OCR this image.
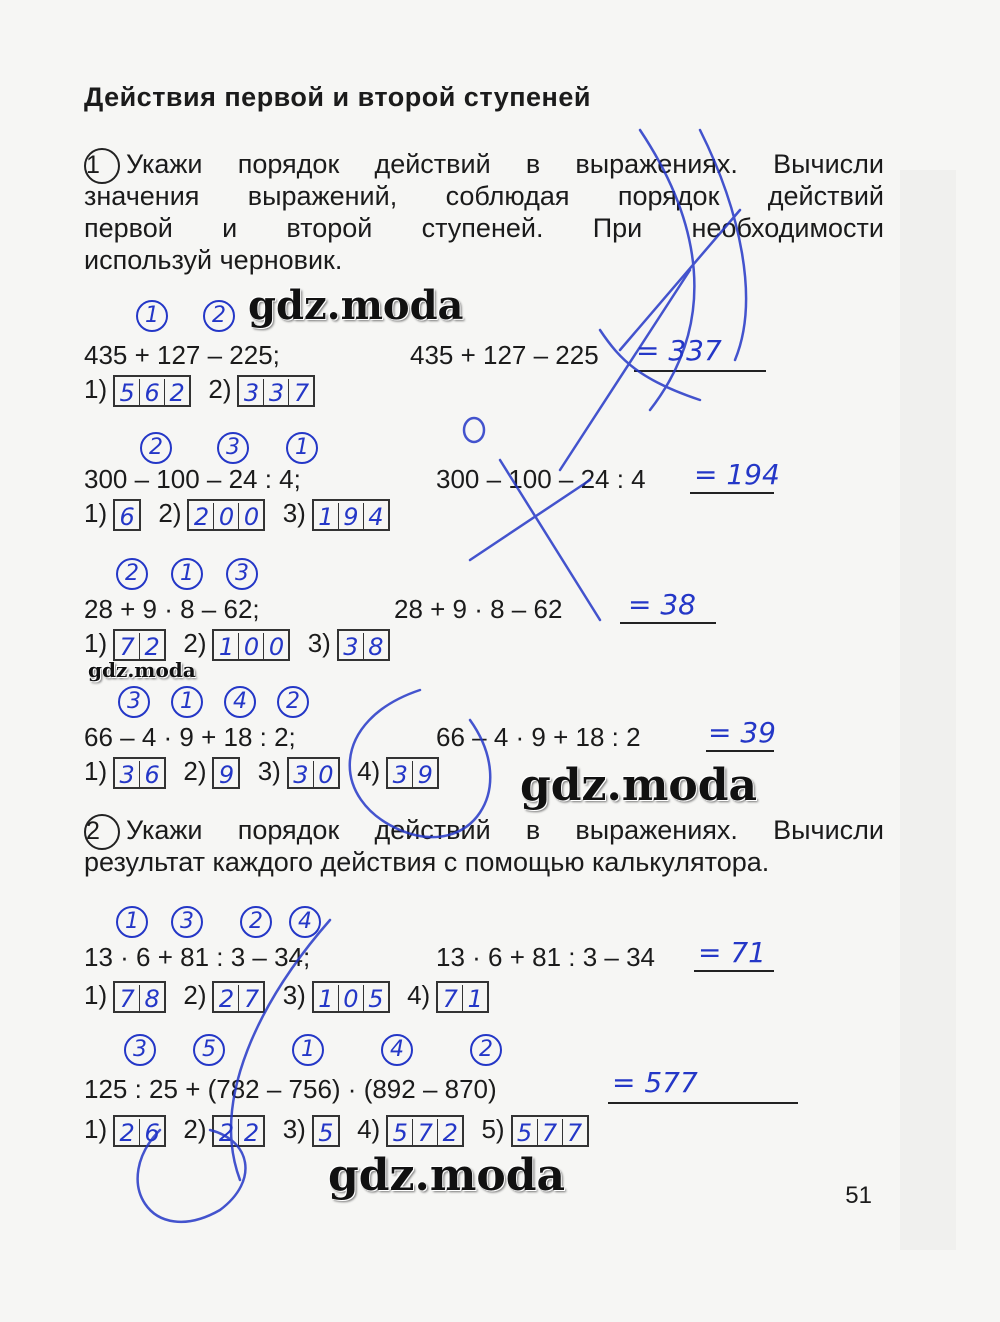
Действия первой и второй ступеней
1 Укажи порядок действий в выражениях. Вычисли
значения выражений, соблюдая порядок действий
первой и второй ступеней. При необходимости
используй черновик.
1 2
435 + 127 – 225;	435 + 127 – 225 = 337
1) 5 6 2 2) 3 3 7
2	3	1
300 – 100 – 24 : 4;	300 – 100 – 24 : 4 = 194
1) 6 2) 2 0 0 3) 1 9 4
2 1 3
28 + 9 · 8 – 62;	28 + 9 · 8 – 62 = 38
1) 7 2 2) 1 0 0 3) 3 8
3 1 4 2
66 – 4 · 9 + 18 : 2;	66 – 4 · 9 + 18 : 2 = 39
1) 3 6 2) 9 3) 3 0 4) 3 9
2 Укажи порядок действий в выражениях. Вычисли
результат каждого действия с помощью калькулятора.
1 3	2 4
13 · 6 + 81 : 3 – 34;	13 · 6 + 81 : 3 – 34 = 71
1) 7 8 2) 2 7 3) 1 0 5 4) 7 1
3	5	1	4	2
125 : 25 + (782 – 756) · (892 – 870)	= 577
1) 2 6 2) 2 2 3) 5 4) 5 7 2 5) 5 7 7
51
gdz.moda
gdz.moda
gdz.moda
gdz.moda
